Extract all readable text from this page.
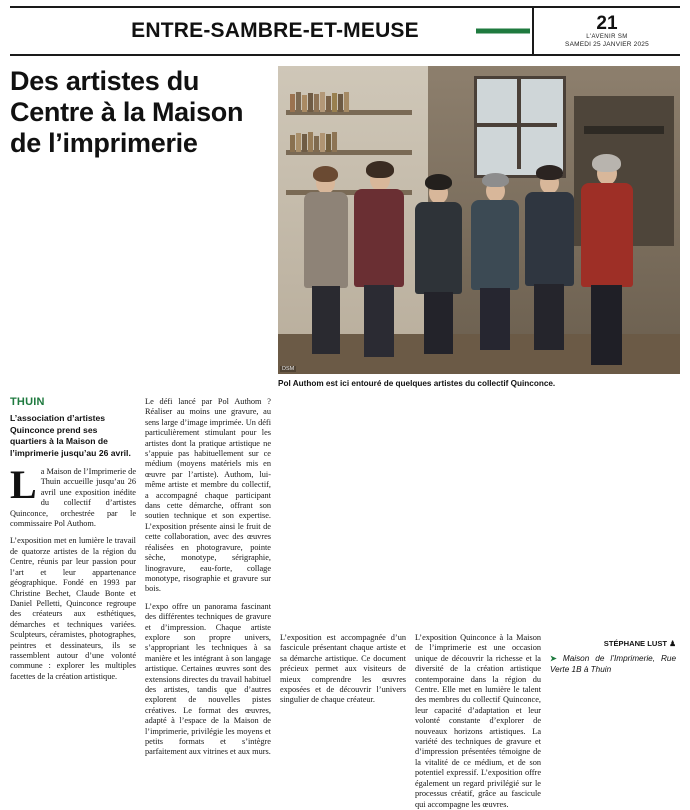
ENTRE-SAMBRE-ET-MEUSE	21
L'AVENIR SM
SAMEDI 25 JANVIER 2025
Des artistes du Centre à la Maison de l’imprimerie
DSM
Pol Authom est ici entouré de quelques artistes du collectif Quinconce.
THUIN
L’association d’artistes Quinconce prend ses quartiers à la Maison de l’imprimerie jusqu’au 26 avril.
L a Maison de l’Imprimerie de Thuin accueille jusqu’au 26 avril une exposition inédite du collectif d’artistes Quinconce, orchestrée par le commissaire Pol Authom.

L’exposition met en lumière le travail de quatorze artistes de la région du Centre, réunis par leur passion pour l’art et leur appartenance géographique. Fondé en 1993 par Christine Bechet, Claude Bonte et Daniel Pelletti, Quinconce regroupe des créateurs aux esthétiques, démarches et techniques variées. Sculpteurs, céramistes, photographes, peintres et dessinateurs, ils se rassemblent autour d’une volonté commune : explorer les multiples facettes de la création artistique.

Le défi lancé par Pol Authom ? Réaliser au moins une gravure, au sens large d’image imprimée. Un défi particulièrement stimulant pour les artistes dont la pratique artistique ne s’appuie pas habituellement sur ce médium (moyens matériels mis en œuvre par l’artiste). Authom, lui-même artiste et membre du collectif, a accompagné chaque participant dans cette démarche, offrant son soutien technique et son expertise. L’exposition présente ainsi le fruit de cette collaboration, avec des œuvres réalisées en photogravure, pointe sèche, monotype, sérigraphie, linogravure, eau-forte, collage monotype, risographie et gravure sur bois.

L’expo offre un panorama fascinant des différentes techniques de gravure et d’impression. Chaque artiste explore son propre univers, s’appropriant les techniques à sa manière et les intégrant à son langage artistique. Certaines œuvres sont des extensions directes du travail habituel des artistes, tandis que d’autres explorent de nouvelles pistes créatives. Le format des œuvres, adapté à l’espace de la Maison de l’imprimerie, privilégie les moyens et petits formats et s’intègre parfaitement aux vitrines et aux murs.

L’exposition est accompagnée d’un fascicule présentant chaque artiste et sa démarche artistique. Ce document précieux permet aux visiteurs de mieux comprendre les œuvres exposées et de découvrir l’univers singulier de chaque créateur.

L’exposition Quinconce à la Maison de l’imprimerie est une occasion unique de découvrir la richesse et la diversité de la création artistique contemporaine dans la région du Centre. Elle met en lumière le talent des membres du collectif Quinconce, leur capacité d’adaptation et leur volonté constante d’explorer de nouveaux horizons artistiques. La variété des techniques de gravure et d’impression présentées témoigne de la vitalité de ce médium, et de son potentiel expressif. L’exposition offre également un regard privilégié sur le processus créatif, grâce au fascicule qui accompagne les œuvres.

STÉPHANE LUST ♟
➤ Maison de l’Imprimerie, Rue Verte 1B à Thuin
